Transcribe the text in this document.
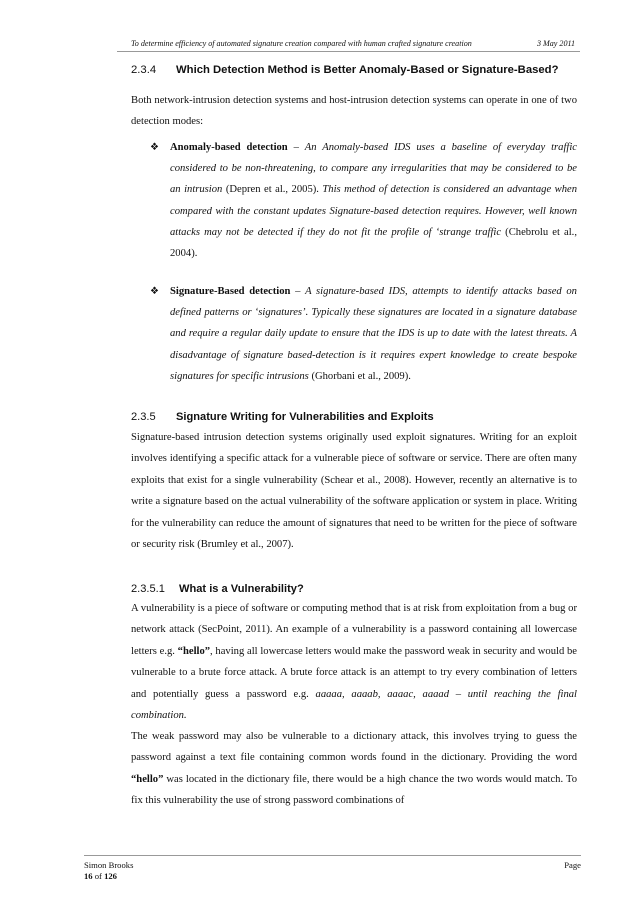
To determine efficiency of automated signature creation compared with human crafted signature creation	3 May 2011
2.3.4 Which Detection Method is Better Anomaly-Based or Signature-Based?
Both network-intrusion detection systems and host-intrusion detection systems can operate in one of two detection modes:
❖ Anomaly-based detection – An Anomaly-based IDS uses a baseline of everyday traffic considered to be non-threatening, to compare any irregularities that may be considered to be an intrusion (Depren et al., 2005). This method of detection is considered an advantage when compared with the constant updates Signature-based detection requires. However, well known attacks may not be detected if they do not fit the profile of ‘strange traffic (Chebrolu et al., 2004).
❖ Signature-Based detection – A signature-based IDS, attempts to identify attacks based on defined patterns or ‘signatures’. Typically these signatures are located in a signature database and require a regular daily update to ensure that the IDS is up to date with the latest threats. A disadvantage of signature based-detection is it requires expert knowledge to create bespoke signatures for specific intrusions (Ghorbani et al., 2009).
2.3.5 Signature Writing for Vulnerabilities and Exploits
Signature-based intrusion detection systems originally used exploit signatures. Writing for an exploit involves identifying a specific attack for a vulnerable piece of software or service. There are often many exploits that exist for a single vulnerability (Schear et al., 2008). However, recently an alternative is to write a signature based on the actual vulnerability of the software application or system in place. Writing for the vulnerability can reduce the amount of signatures that need to be written for the piece of software or security risk (Brumley et al., 2007).
2.3.5.1 What is a Vulnerability?
A vulnerability is a piece of software or computing method that is at risk from exploitation from a bug or network attack (SecPoint, 2011). An example of a vulnerability is a password containing all lowercase letters e.g. “hello”, having all lowercase letters would make the password weak in security and would be vulnerable to a brute force attack. A brute force attack is an attempt to try every combination of letters and potentially guess a password e.g. aaaaa, aaaab, aaaac, aaaad – until reaching the final combination.
The weak password may also be vulnerable to a dictionary attack, this involves trying to guess the password against a text file containing common words found in the dictionary. Providing the word “hello” was located in the dictionary file, there would be a high chance the two words would match. To fix this vulnerability the use of strong password combinations of
Simon Brooks
16 of 126
Page
